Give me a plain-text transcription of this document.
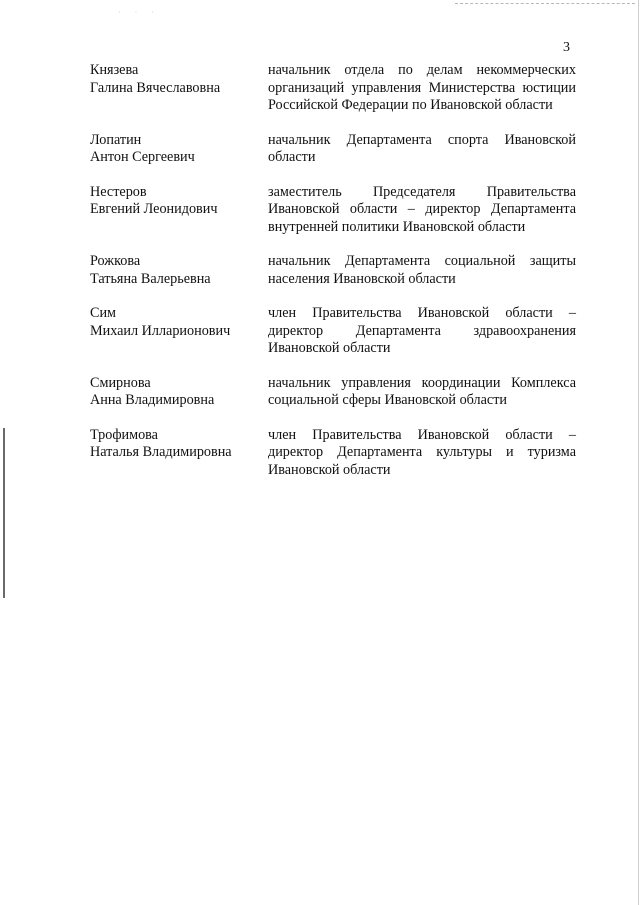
· · ·
3
Князева
Галина Вячеславовна
начальник отдела по делам некоммерческих организаций управления Министерства юстиции Российской Федерации по Ивановской области
Лопатин
Антон Сергеевич
начальник Департамента спорта Ивановской области
Нестеров
Евгений Леонидович
заместитель Председателя Правительства Ивановской области – директор Департамента внутренней политики Ивановской области
Рожкова
Татьяна Валерьевна
начальник Департамента социальной защиты населения Ивановской области
Сим
Михаил Илларионович
член Правительства Ивановской области – директор Департамента здравоохранения Ивановской области
Смирнова
Анна Владимировна
начальник управления координации Комплекса социальной сферы Ивановской области
Трофимова
Наталья Владимировна
член Правительства Ивановской области – директор Департамента культуры и туризма Ивановской области
